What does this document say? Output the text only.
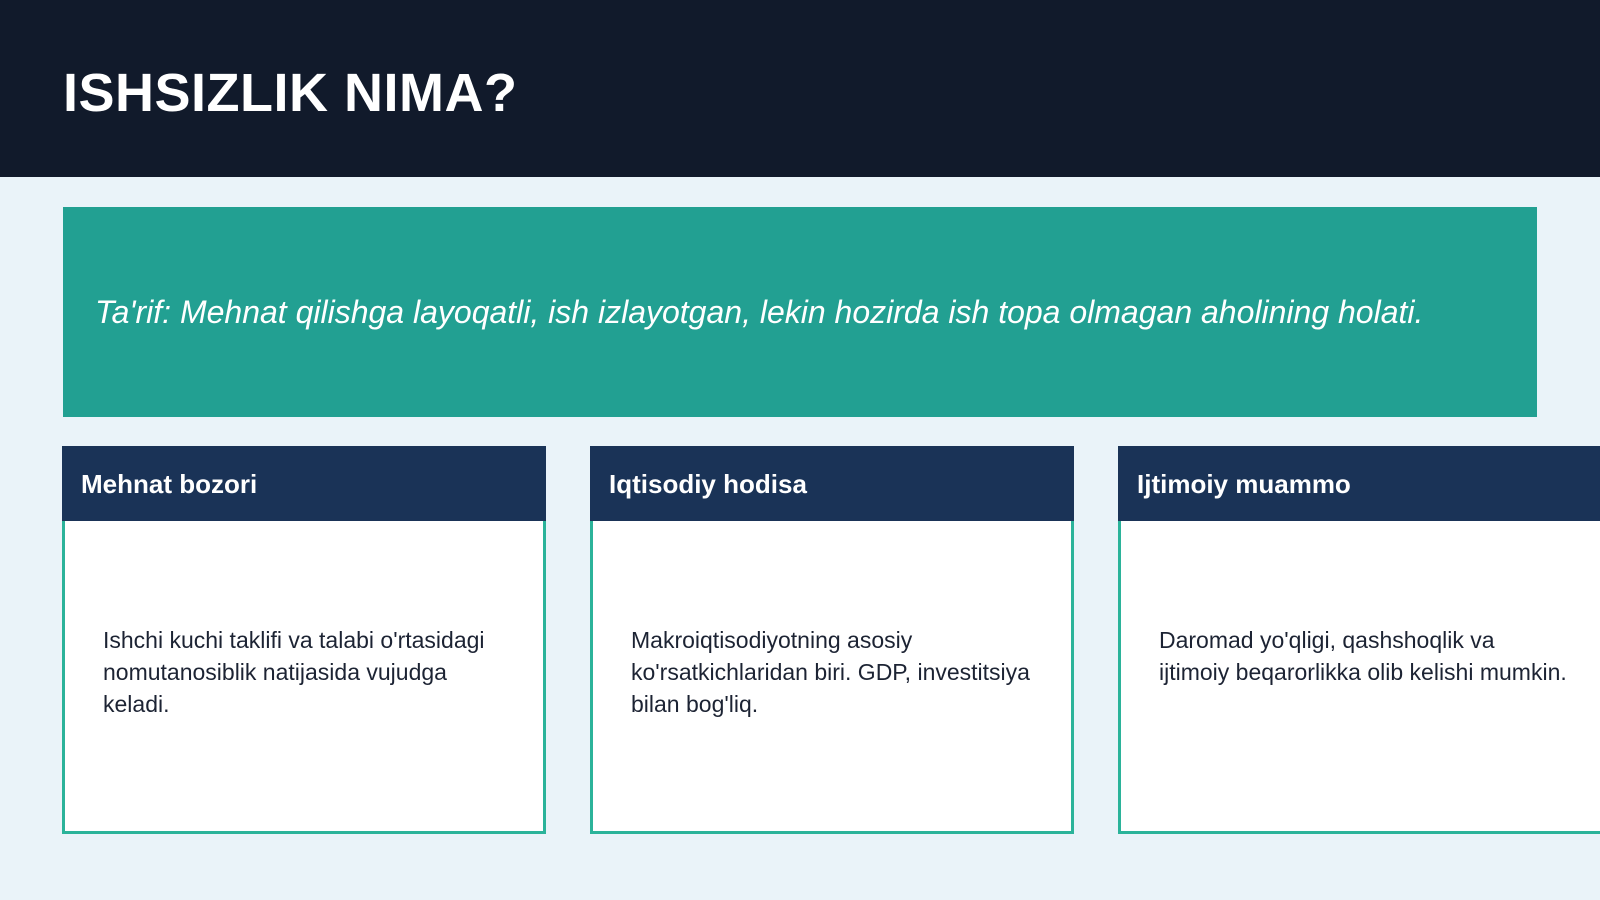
ISHSIZLIK NIMA?
Ta'rif: Mehnat qilishga layoqatli, ish izlayotgan, lekin hozirda ish topa olmagan aholining holati.
Mehnat bozori
Ishchi kuchi taklifi va talabi o'rtasidagi nomutanosiblik natijasida vujudga keladi.
Iqtisodiy hodisa
Makroiqtisodiyotning asosiy ko'rsatkichlaridan biri. GDP, investitsiya bilan bog'liq.
Ijtimoiy muammo
Daromad yo'qligi, qashshoqlik va ijtimoiy beqarorlikka olib kelishi mumkin.
